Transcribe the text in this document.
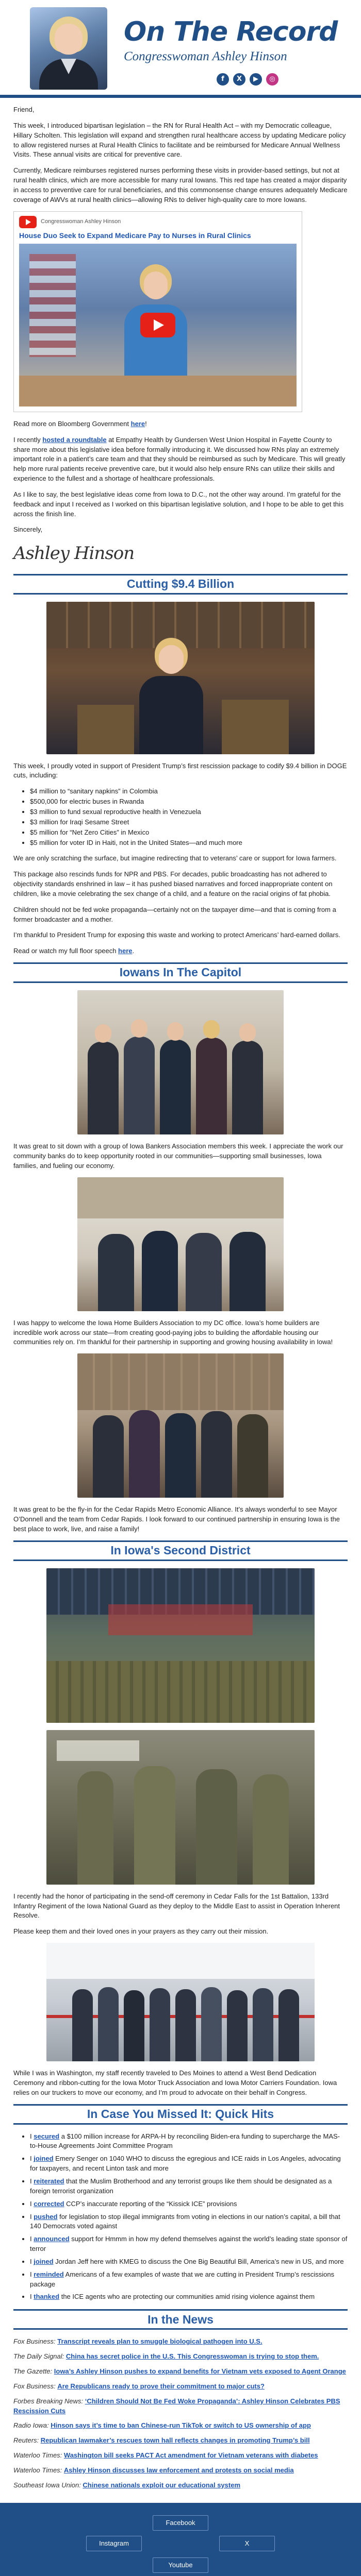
On The Record
Congresswoman Ashley Hinson
f	X	▶	◎

Friend,

This week, I introduced bipartisan legislation – the RN for Rural Health Act – with my Democratic colleague, Hillary Scholten. This legislation will expand and strengthen rural healthcare access by updating Medicare policy to allow registered nurses at Rural Health Clinics to facilitate and be reimbursed for Medicare Annual Wellness Visits. These annual visits are critical for preventive care.

Currently, Medicare reimburses registered nurses performing these visits in provider-based settings, but not at rural health clinics, which are more accessible for many rural Iowans. This red tape has created a major disparity in access to preventive care for rural beneficiaries, and this commonsense change ensures adequately Medicare coverage of AWVs at rural health clinics—allowing RNs to deliver high-quality care to more Iowans.

Congresswoman Ashley Hinson
House Duo Seek to Expand Medicare Pay to Nurses in Rural Clinics

Read more on Bloomberg Government here!

I recently hosted a roundtable at Empathy Health by Gundersen West Union Hospital in Fayette County to share more about this legislative idea before formally introducing it. We discussed how RNs play an extremely important role in a patient’s care team and that they should be reimbursed as such by Medicare. This will greatly help more rural patients receive preventive care, but it would also help ensure RNs can utilize their skills and experience to the fullest and a shortage of healthcare professionals.

As I like to say, the best legislative ideas come from Iowa to D.C., not the other way around. I’m grateful for the feedback and input I received as I worked on this bipartisan legislative solution, and I hope to be able to get this across the finish line.

Sincerely,

Ashley Hinson
Cutting $9.4 Billion

This week, I proudly voted in support of President Trump’s first rescission package to codify $9.4 billion in DOGE cuts, including:

• $4 million to “sanitary napkins” in Colombia
• $500,000 for electric buses in Rwanda
• $3 million to fund sexual reproductive health in Venezuela
• $3 million for Iraqi Sesame Street
• $5 million for “Net Zero Cities” in Mexico
• $5 million for voter ID in Haiti, not in the United States—and much more

We are only scratching the surface, but imagine redirecting that to veterans’ care or support for Iowa farmers.

This package also rescinds funds for NPR and PBS. For decades, public broadcasting has not adhered to objectivity standards enshrined in law – it has pushed biased narratives and forced inappropriate content on children, like a movie celebrating the sex change of a child, and a feature on the racial origins of fat phobia.

Children should not be fed woke propaganda—certainly not on the taxpayer dime—and that is coming from a former broadcaster and a mother.

I’m thankful to President Trump for exposing this waste and working to protect Americans’ hard-earned dollars.

Read or watch my full floor speech here.

Iowans In The Capitol

It was great to sit down with a group of Iowa Bankers Association members this week. I appreciate the work our community banks do to keep opportunity rooted in our communities—supporting small businesses, Iowa families, and fueling our economy.

I was happy to welcome the Iowa Home Builders Association to my DC office. Iowa’s home builders are incredible work across our state—from creating good-paying jobs to building the affordable housing our communities rely on. I’m thankful for their partnership in supporting and growing housing availability in Iowa!

It was great to be the fly-in for the Cedar Rapids Metro Economic Alliance. It’s always wonderful to see Mayor O’Donnell and the team from Cedar Rapids. I look forward to our continued partnership in ensuring Iowa is the best place to work, live, and raise a family!

In Iowa's Second District

I recently had the honor of participating in the send-off ceremony in Cedar Falls for the 1st Battalion, 133rd Infantry Regiment of the Iowa National Guard as they deploy to the Middle East to assist in Operation Inherent Resolve.

Please keep them and their loved ones in your prayers as they carry out their mission.

While I was in Washington, my staff recently traveled to Des Moines to attend a West Bend Dedication Ceremony and ribbon-cutting for the Iowa Motor Truck Association and Iowa Motor Carriers Foundation. Iowa relies on our truckers to move our economy, and I’m proud to advocate on their behalf in Congress.

In Case You Missed It: Quick Hits
• I secured a $100 million increase for ARPA-H by reconciling Biden-era funding to supercharge the MAS-to-House Agreements Joint Committee Program
• I joined Emery Senger on 1040 WHO to discuss the egregious and ICE raids in Los Angeles, advocating for taxpayers, and recent Linton task and more
• I reiterated that the Muslim Brotherhood and any terrorist groups like them should be designated as a foreign terrorist organization
• I corrected CCP’s inaccurate reporting of the “Kissick ICE” provisions
• I pushed for legislation to stop illegal immigrants from voting in elections in our nation’s capital, a bill that 140 Democrats voted against
• I announced support for Hmmm in how my defend themselves against the world’s leading state sponsor of terror
• I joined Jordan Jeff here with KMEG to discuss the One Big Beautiful Bill, America’s new in US, and more
• I reminded Americans of a few examples of waste that we are cutting in President Trump’s rescissions package
• I thanked the ICE agents who are protecting our communities amid rising violence against them
In the News
Fox Business: Transcript reveals plan to smuggle biological pathogen into U.S.
The Daily Signal: China has secret police in the U.S. This Congresswoman is trying to stop them.
The Gazette: Iowa’s Ashley Hinson pushes to expand benefits for Vietnam vets exposed to Agent Orange
Fox Business: Are Republicans ready to prove their commitment to major cuts?
Forbes Breaking News: ‘Children Should Not Be Fed Woke Propaganda’: Ashley Hinson Celebrates PBS Rescission Cuts
Radio Iowa: Hinson says it’s time to ban Chinese-run TikTok or switch to US ownership of app
Reuters: Republican lawmaker’s rescues town hall reflects changes in promoting Trump’s bill
Waterloo Times: Washington bill seeks PACT Act amendment for Vietnam veterans with diabetes
Waterloo Times: Ashley Hinson discusses law enforcement and protests on social media
Southeast Iowa Union: Chinese nationals exploit our educational system
Facebook
Instagram	X
Youtube
